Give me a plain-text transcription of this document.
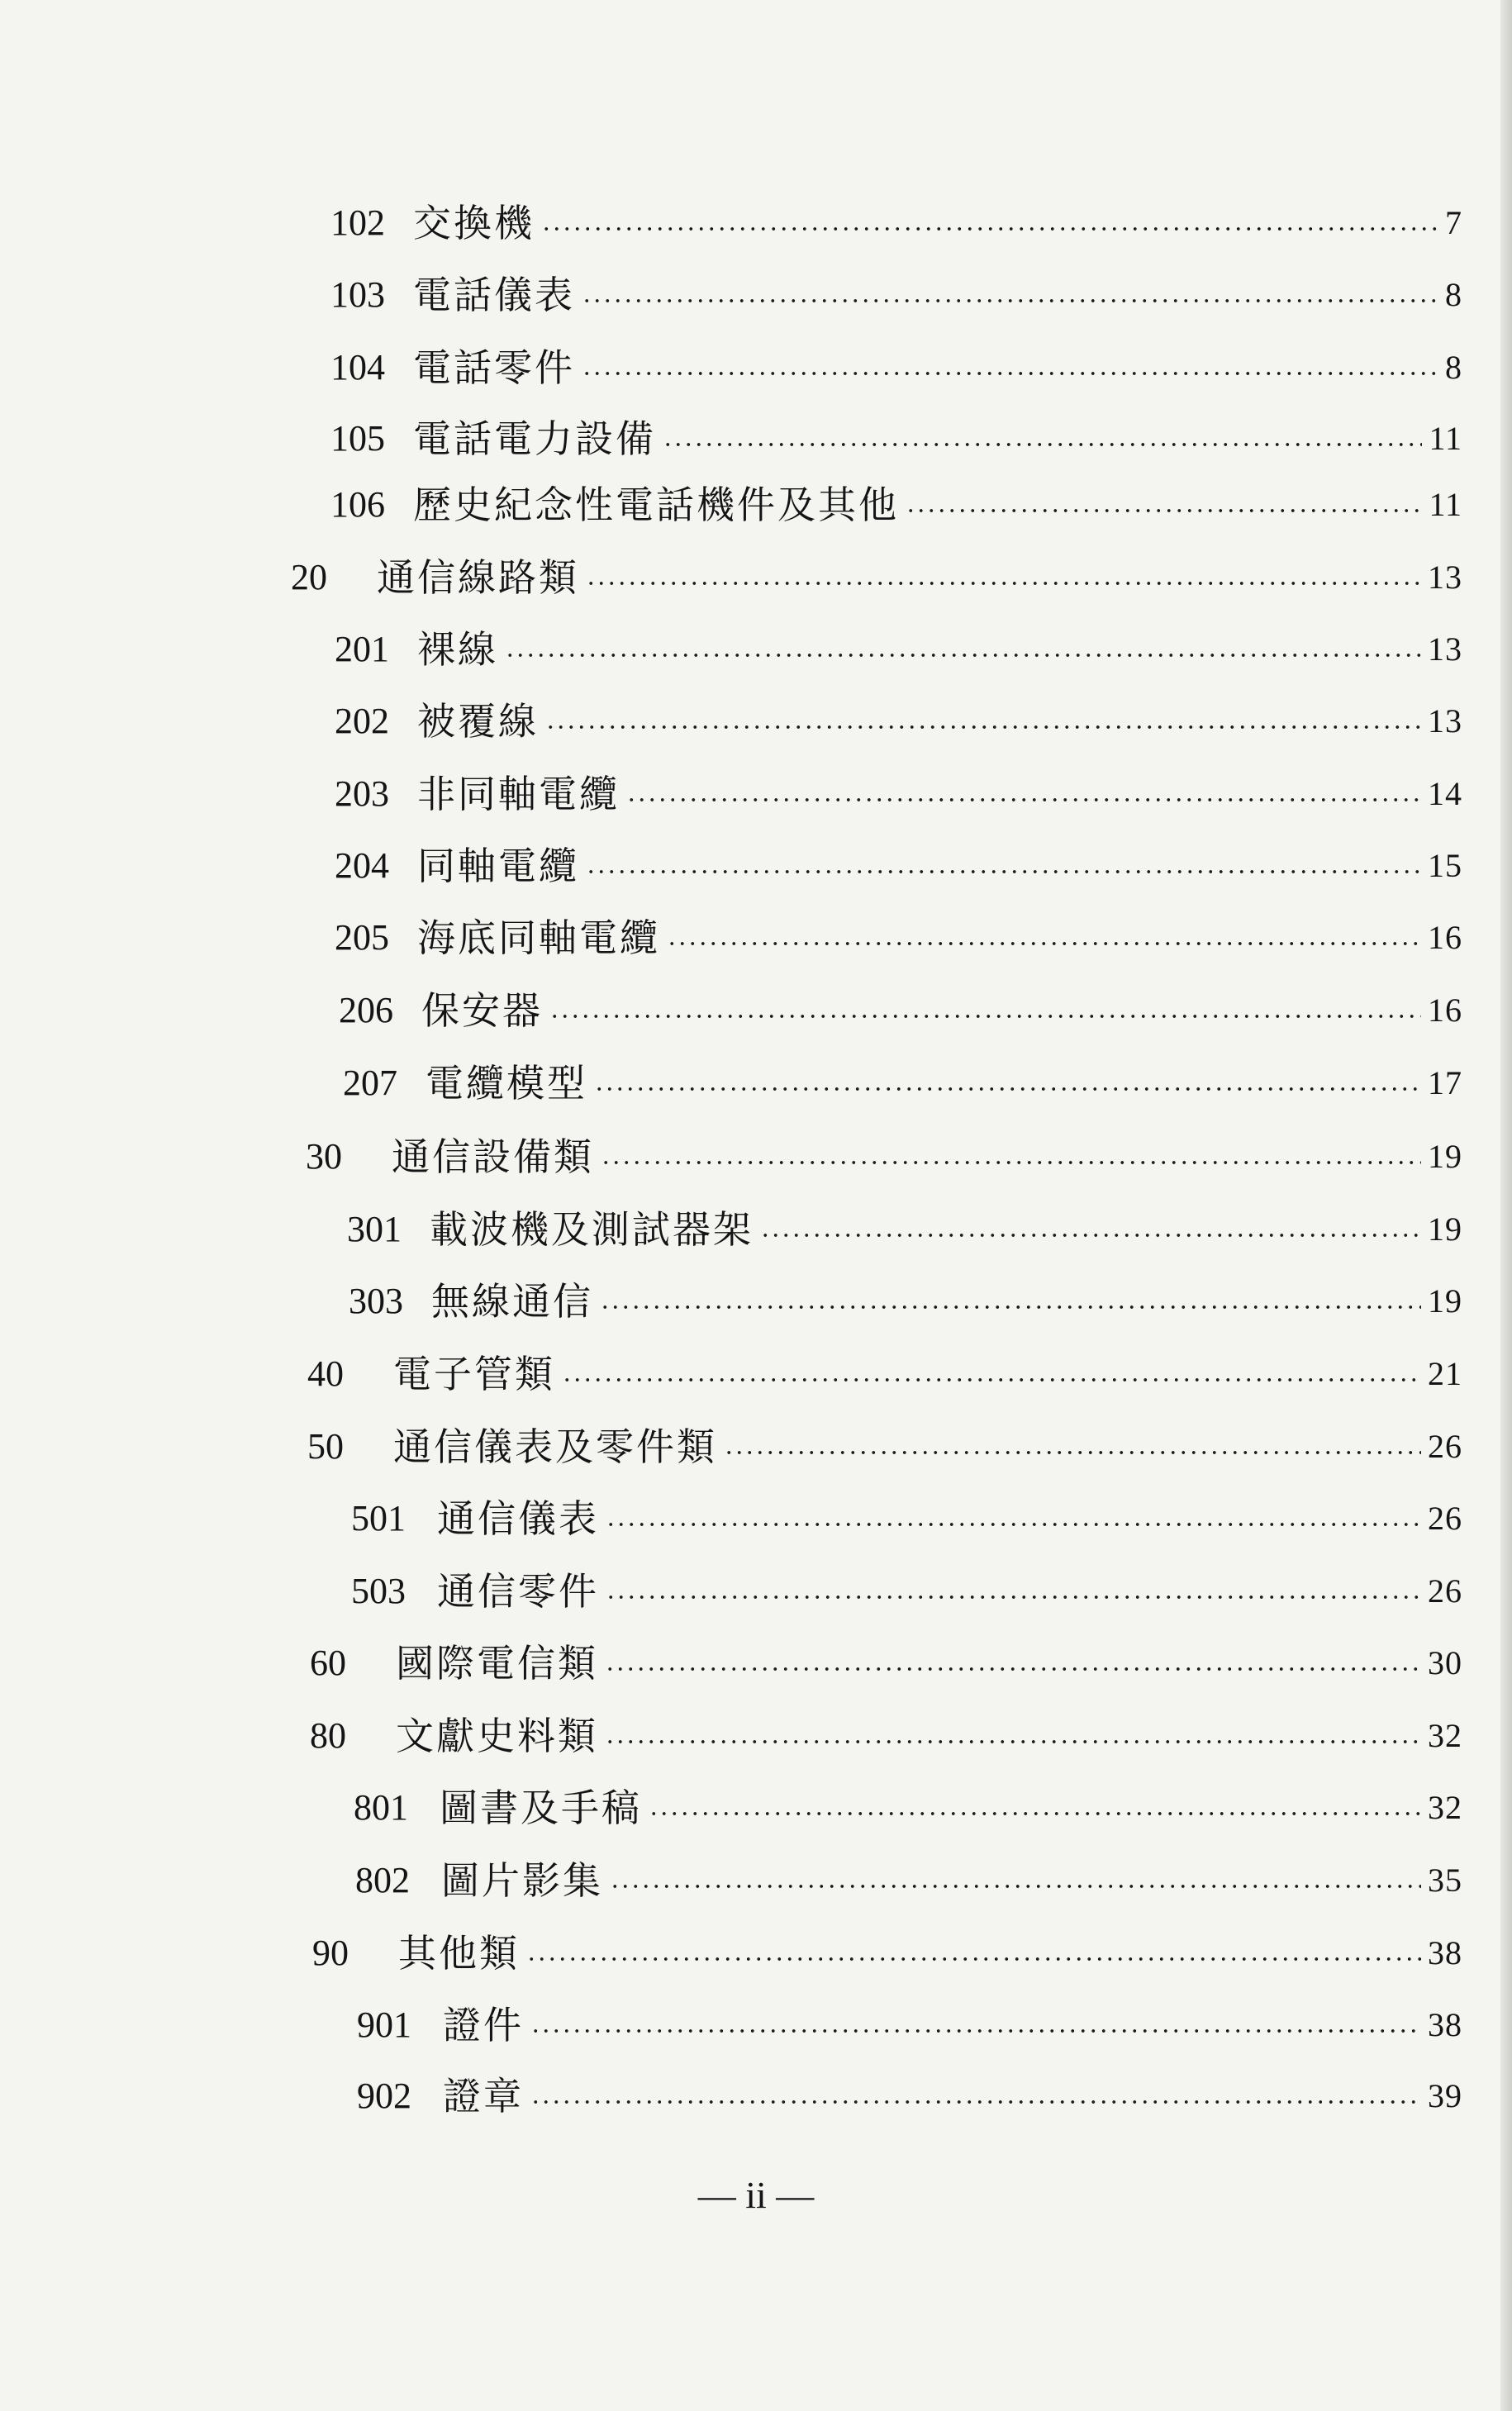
102 交換機	7
103 電話儀表	8
104 電話零件	8
105 電話電力設備	11
106 歷史紀念性電話機件及其他	11
20	通信線路類	13
201 裸線	13
202 被覆線	13
203 非同軸電纜	14
204 同軸電纜	15
205 海底同軸電纜	16
206 保安器	16
207 電纜模型	17
30	通信設備類	19
301 載波機及測試器架	19
303 無線通信	19
40	電子管類	21
50	通信儀表及零件類	26
501 通信儀表	26
503 通信零件	26
60	國際電信類	30
80	文獻史料類	32
801 圖書及手稿	32
802 圖片影集	35
90	其他類	38
901 證件	38
902 證章	39
— ii —
